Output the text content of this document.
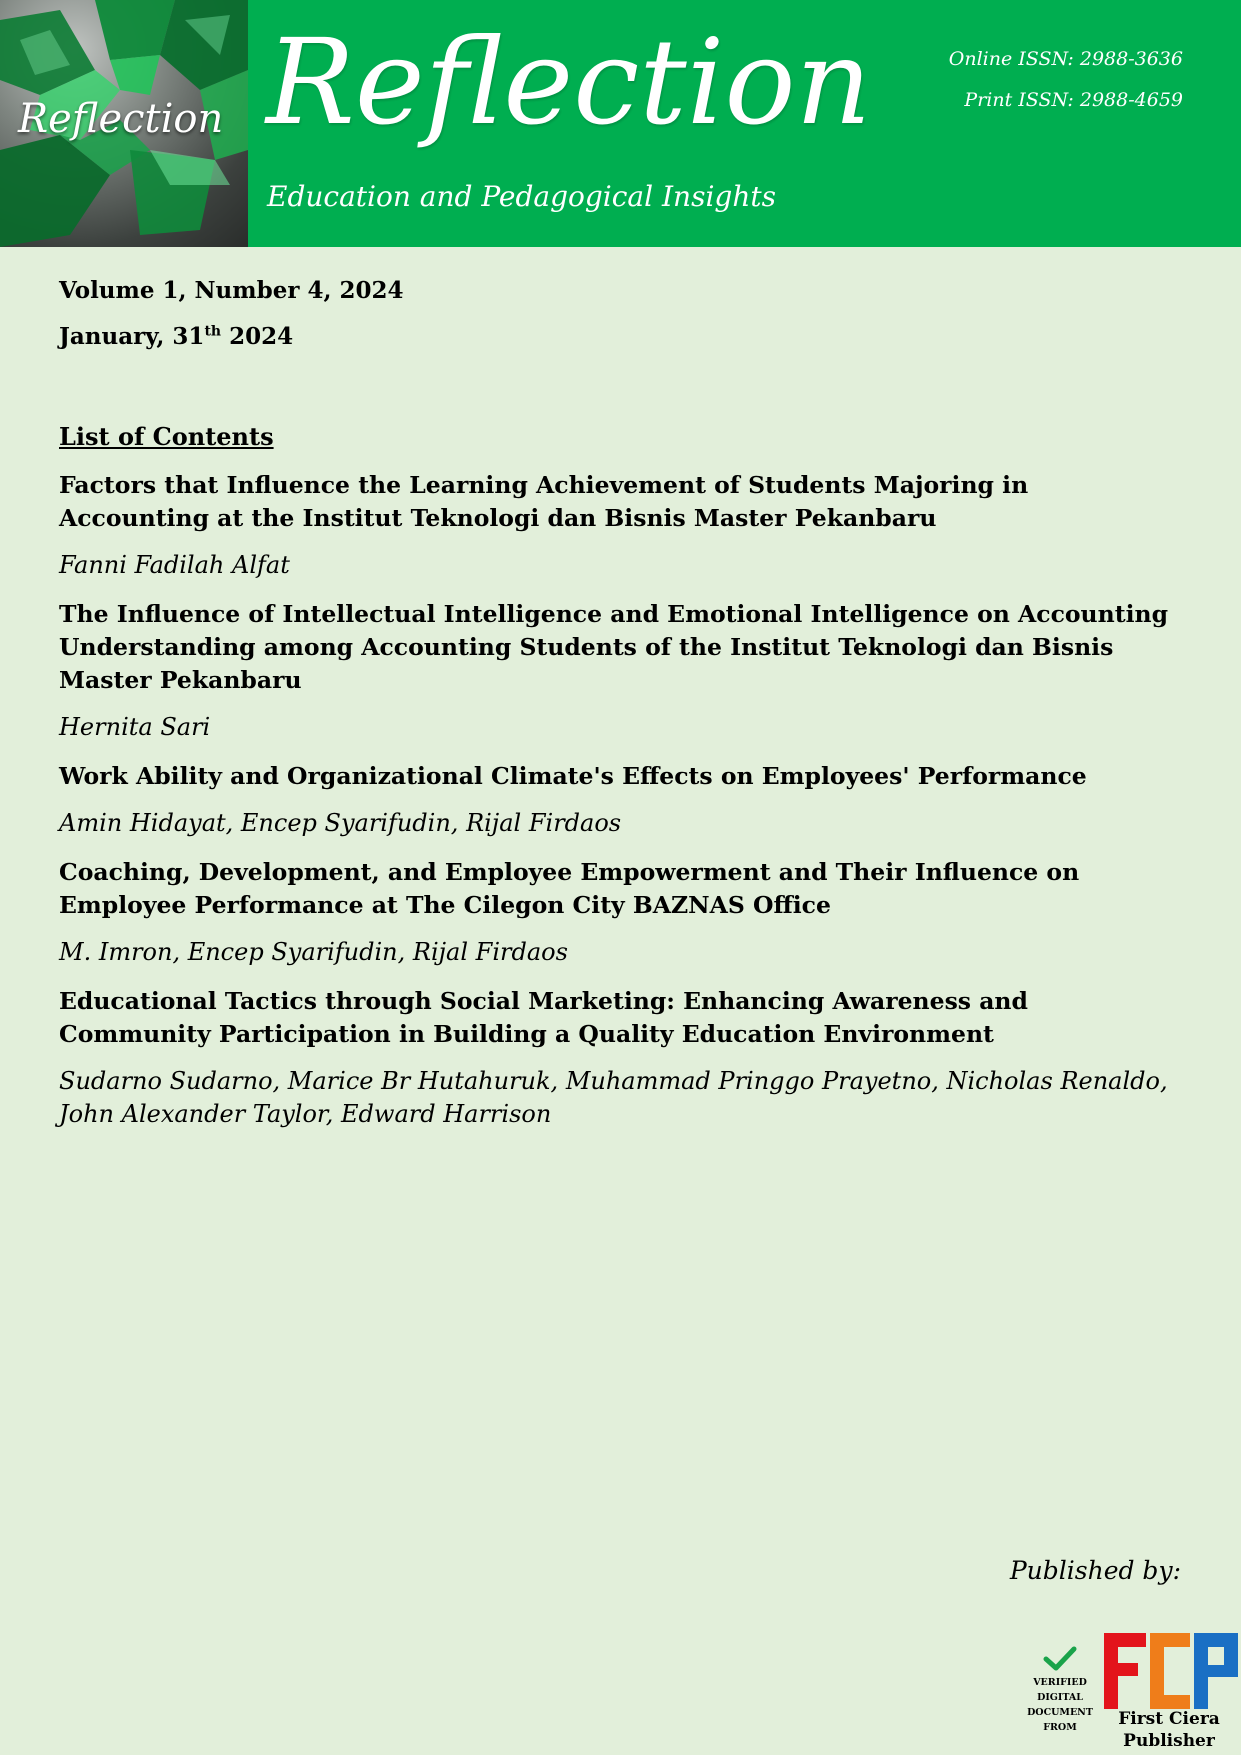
Reflection Reflection
Education and Pedagogical Insights
Online ISSN: 2988-3636
Print ISSN: 2988-4659
Volume 1, Number 4, 2024
January, 31th 2024
List of Contents

Factors that Influence the Learning Achievement of Students Majoring in Accounting at the Institut Teknologi dan Bisnis Master Pekanbaru

Fanni Fadilah Alfat

The Influence of Intellectual Intelligence and Emotional Intelligence on Accounting Understanding among Accounting Students of the Institut Teknologi dan Bisnis Master Pekanbaru

Hernita Sari

Work Ability and Organizational Climate's Effects on Employees' Performance

Amin Hidayat, Encep Syarifudin, Rijal Firdaos

Coaching, Development, and Employee Empowerment and Their Influence on Employee Performance at The Cilegon City BAZNAS Office

M. Imron, Encep Syarifudin, Rijal Firdaos

Educational Tactics through Social Marketing: Enhancing Awareness and Community Participation in Building a Quality Education Environment

Sudarno Sudarno, Marice Br Hutahuruk, Muhammad Pringgo Prayetno, Nicholas Renaldo, John Alexander Taylor, Edward Harrison

Published by:
VERIFIED
DIGITAL
DOCUMENT
FROM	First Ciera
Publisher
